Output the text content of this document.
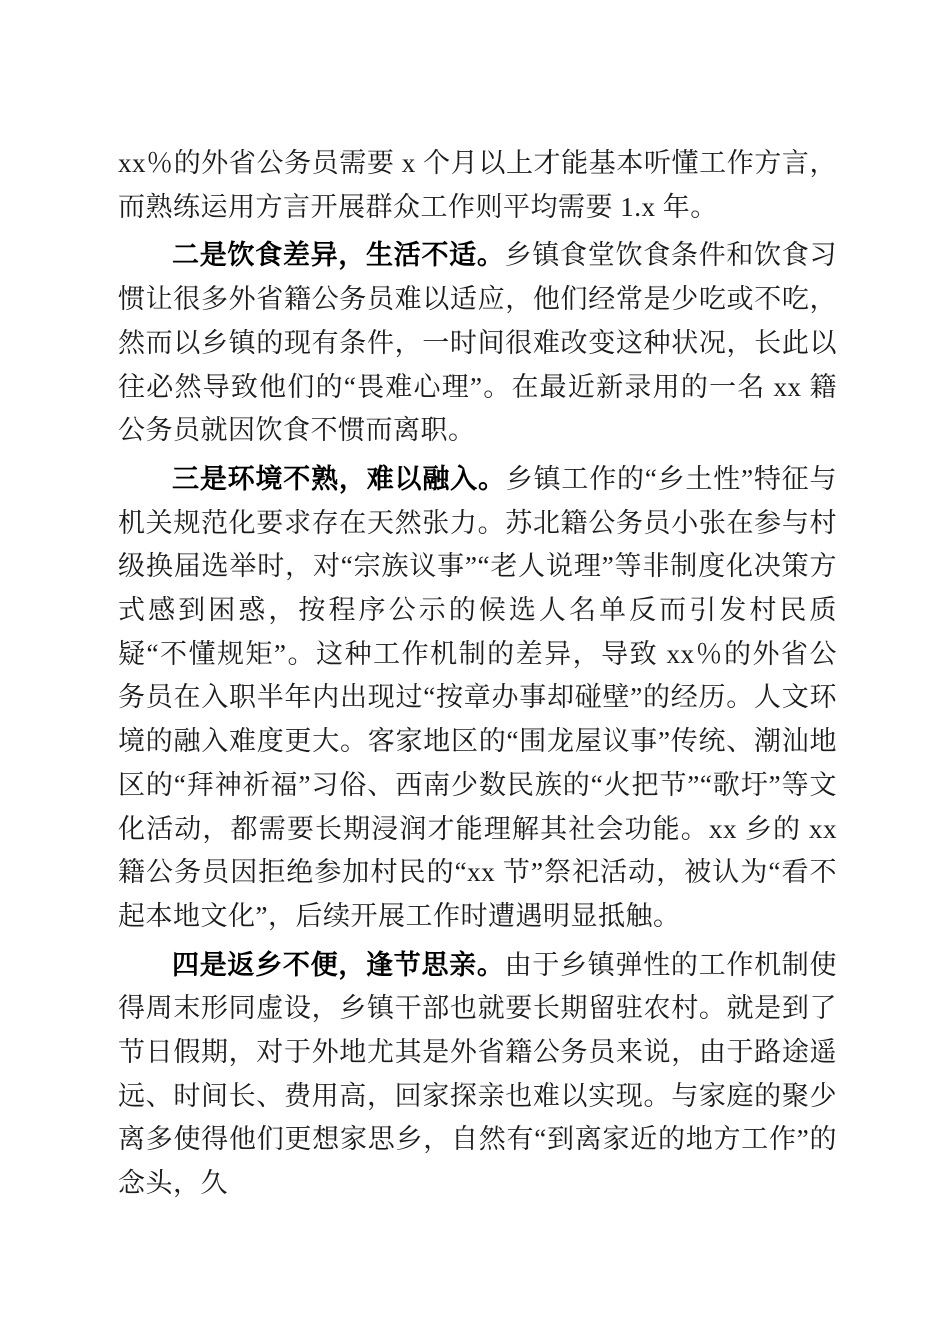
xx％的外省公务员需要 x 个月以上才能基本听懂工作方言，而熟练运用方言开展群众工作则平均需要 1.x 年。

二是饮食差异，生活不适。乡镇食堂饮食条件和饮食习惯让很多外省籍公务员难以适应，他们经常是少吃或不吃，然而以乡镇的现有条件，一时间很难改变这种状况，长此以往必然导致他们的“畏难心理”。在最近新录用的一名 xx 籍公务员就因饮食不惯而离职。

三是环境不熟，难以融入。乡镇工作的“乡土性”特征与机关规范化要求存在天然张力。苏北籍公务员小张在参与村级换届选举时，对“宗族议事”“老人说理”等非制度化决策方式感到困惑，按程序公示的候选人名单反而引发村民质疑“不懂规矩”。这种工作机制的差异，导致 xx％的外省公务员在入职半年内出现过“按章办事却碰壁”的经历。人文环境的融入难度更大。客家地区的“围龙屋议事”传统、潮汕地区的“拜神祈福”习俗、西南少数民族的“火把节”“歌圩”等文化活动，都需要长期浸润才能理解其社会功能。xx 乡的 xx 籍公务员因拒绝参加村民的“xx 节”祭祀活动，被认为“看不起本地文化”，后续开展工作时遭遇明显抵触。

四是返乡不便，逢节思亲。由于乡镇弹性的工作机制使得周末形同虚设，乡镇干部也就要长期留驻农村。就是到了节日假期，对于外地尤其是外省籍公务员来说，由于路途遥远、时间长、费用高，回家探亲也难以实现。与家庭的聚少离多使得他们更想家思乡，自然有“到离家近的地方工作”的念头，久
